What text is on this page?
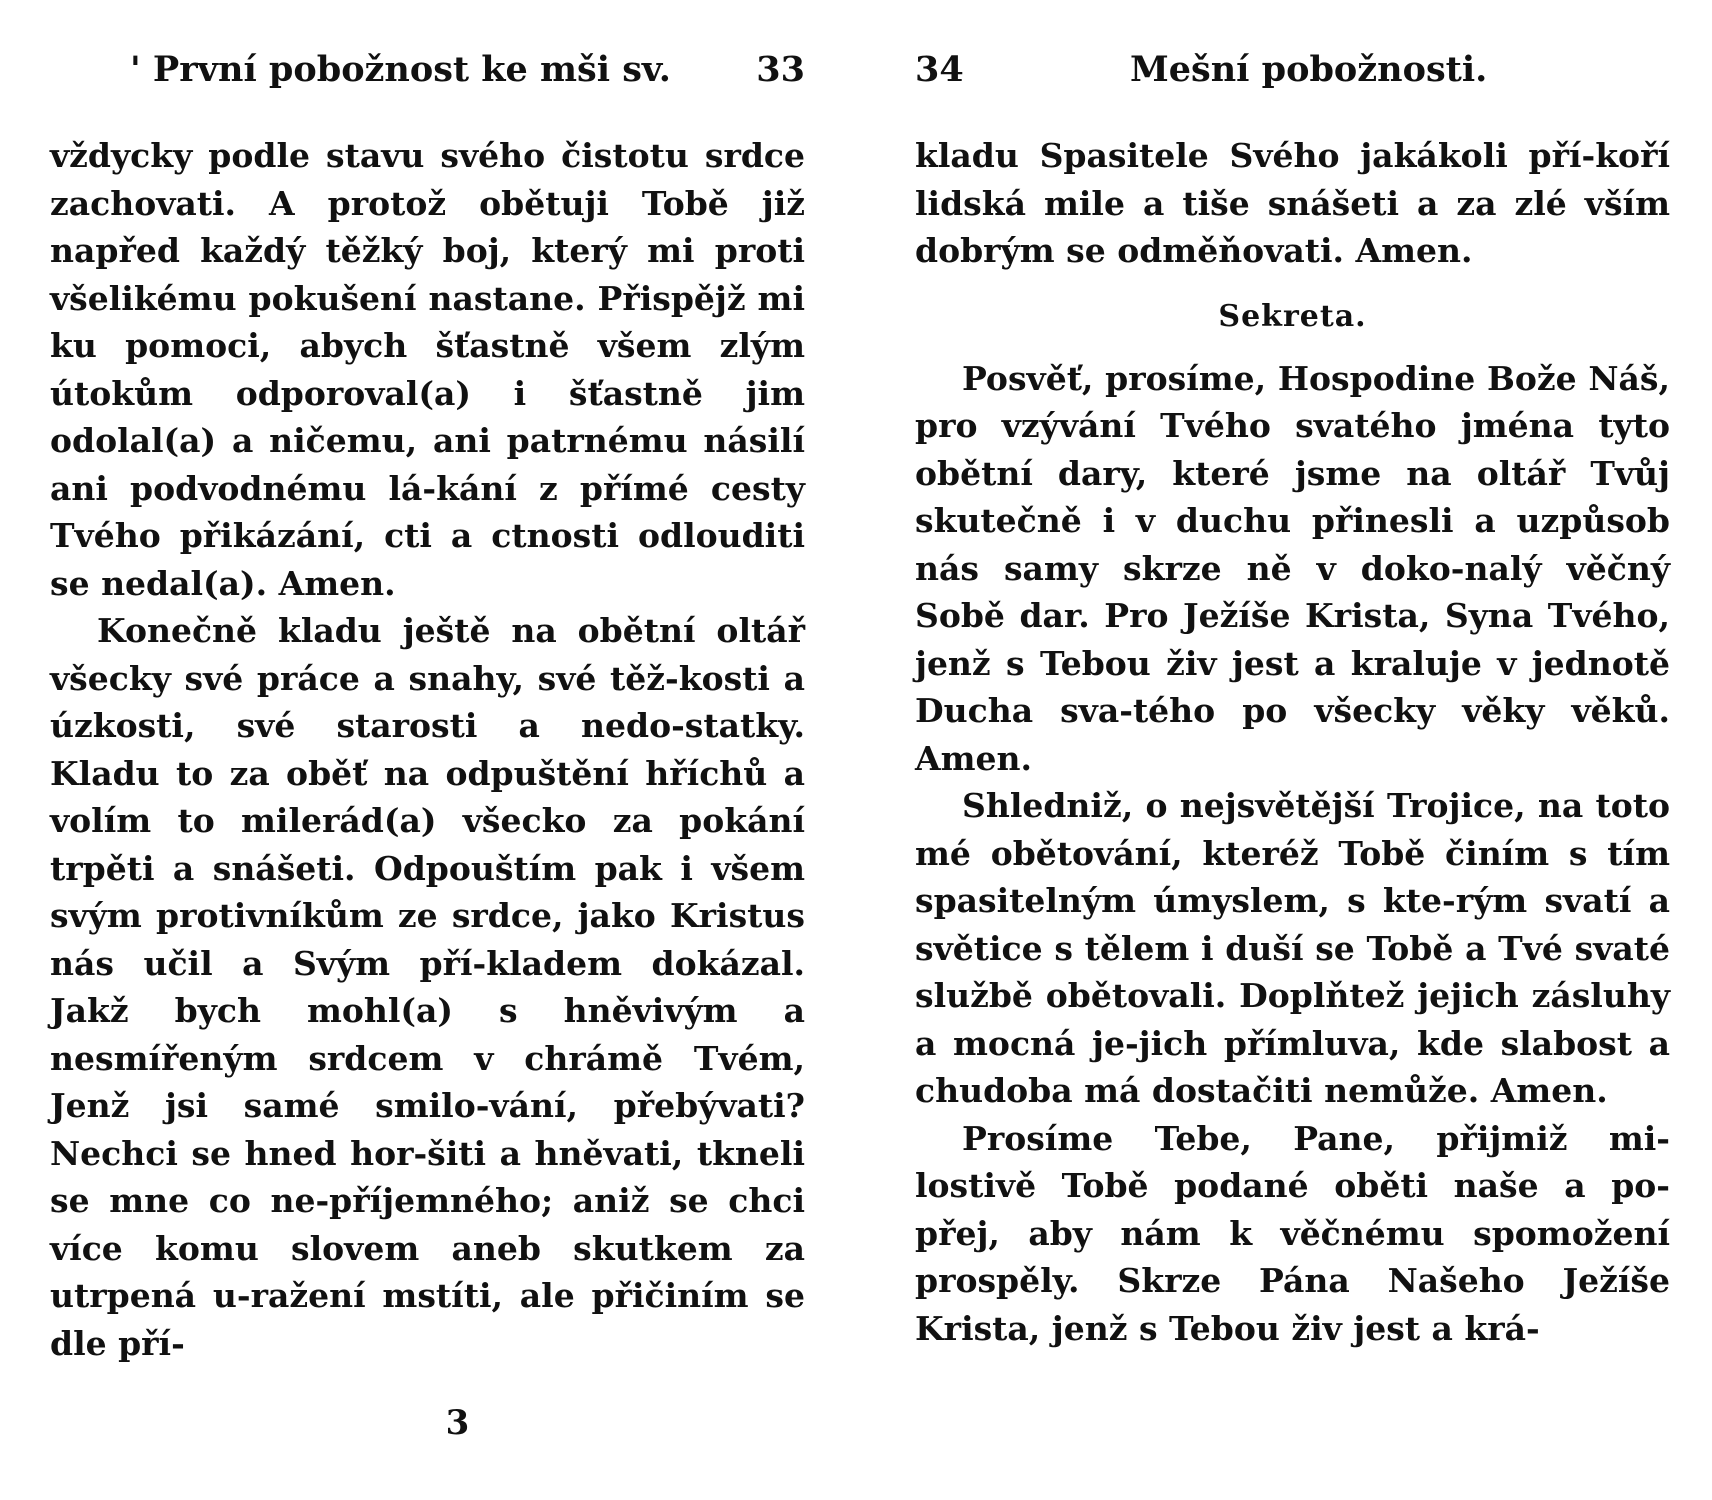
' První pobožnost ke mši sv. 33

vždycky podle stavu svého čistotu srdce zachovati. A protož obětuji Tobě již napřed každý těžký boj, který mi proti všelikému pokušení nastane. Přispějž mi ku pomoci, abych šťastně všem zlým útokům odporoval(a) i šťastně jim odolal(a) a ničemu, ani patrnému násilí ani podvodnému lá-kání z přímé cesty Tvého přikázání, cti a ctnosti odlouditi se nedal(a). Amen.

Konečně kladu ještě na obětní oltář všecky své práce a snahy, své těž-kosti a úzkosti, své starosti a nedo-statky. Kladu to za oběť na odpuštění hříchů a volím to milerád(a) všecko za pokání trpěti a snášeti. Odpouštím pak i všem svým protivníkům ze srdce, jako Kristus nás učil a Svým pří-kladem dokázal. Jakž bych mohl(a) s hněvivým a nesmířeným srdcem v chrámě Tvém, Jenž jsi samé smilo-vání, přebývati? Nechci se hned hor-šiti a hněvati, tkneli se mne co ne-příjemného; aniž se chci více komu slovem aneb skutkem za utrpená u-ražení mstíti, ale přičiním se dle pří-

3
34	Mešní pobožnosti.

kladu Spasitele Svého jakákoli pří-koří lidská mile a tiše snášeti a za zlé vším dobrým se odměňovati. Amen.

Sekreta.

Posvěť, prosíme, Hospodine Bože Náš, pro vzývání Tvého svatého jména tyto obětní dary, které jsme na oltář Tvůj skutečně i v duchu přinesli a uzpůsob nás samy skrze ně v doko-nalý věčný Sobě dar. Pro Ježíše Krista, Syna Tvého, jenž s Tebou živ jest a kraluje v jednotě Ducha sva-tého po všecky věky věků. Amen.

Shledniž, o nejsvětější Trojice, na toto mé obětování, kteréž Tobě činím s tím spasitelným úmyslem, s kte-rým svatí a světice s tělem i duší se Tobě a Tvé svaté službě obětovali. Doplňtež jejich zásluhy a mocná je-jich přímluva, kde slabost a chudoba má dostačiti nemůže. Amen.

Prosíme Tebe, Pane, přijmiž mi-lostivě Tobě podané oběti naše a po-přej, aby nám k věčnému spomožení prospěly. Skrze Pána Našeho Ježíše Krista, jenž s Tebou živ jest a krá-
